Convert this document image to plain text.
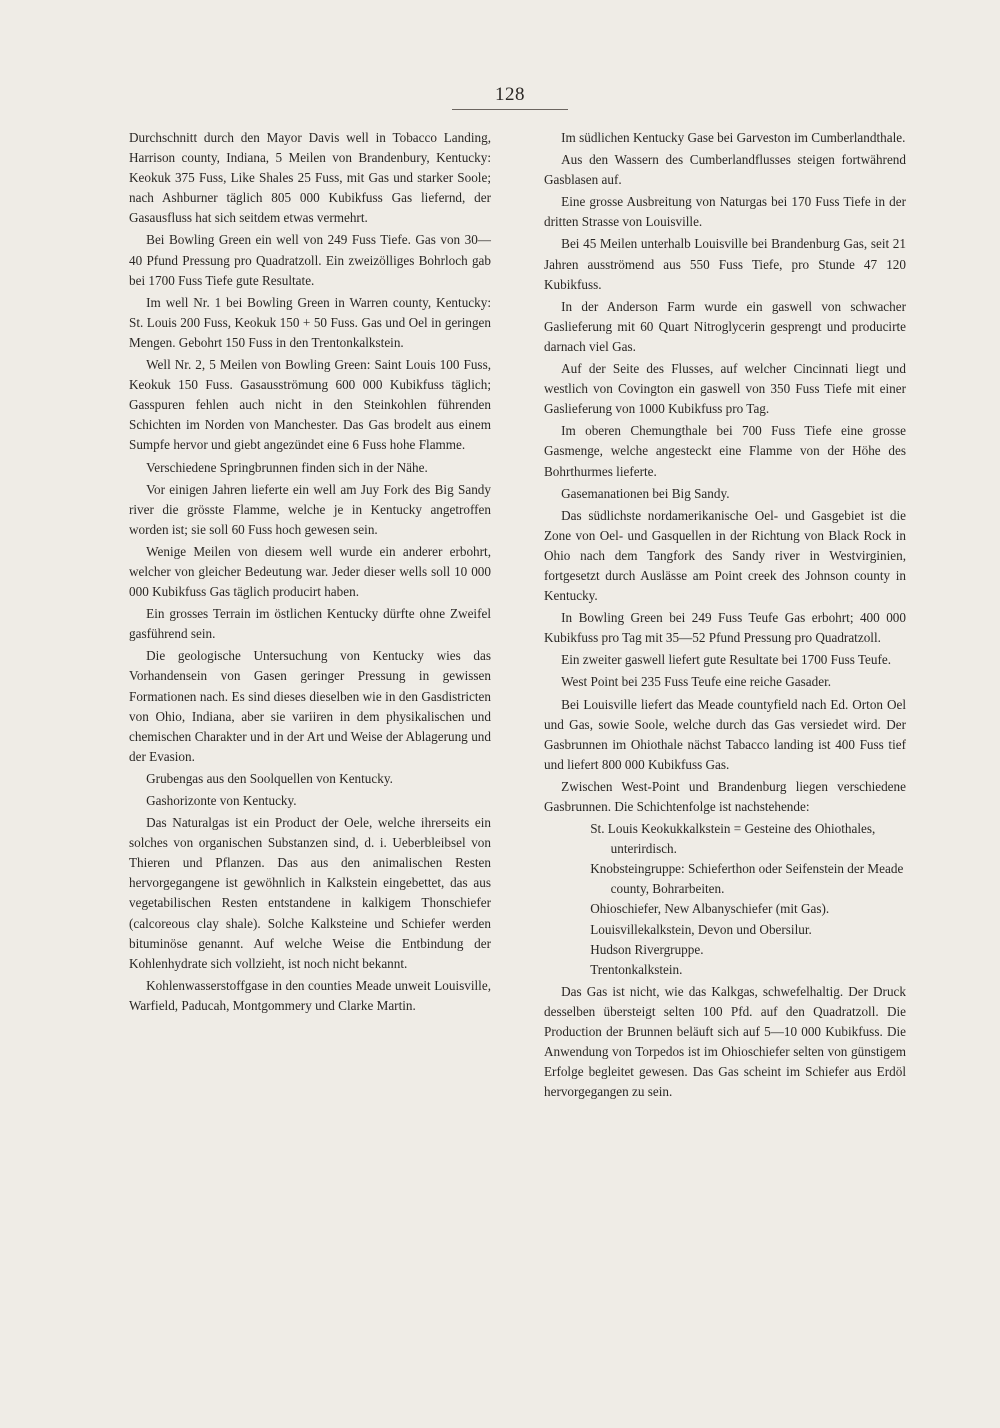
128

Durchschnitt durch den Mayor Davis well in Tobacco Landing, Harrison county, Indiana, 5 Meilen von Brandenbury, Kentucky: Keokuk 375 Fuss, Like Shales 25 Fuss, mit Gas und starker Soole; nach Ashburner täglich 805 000 Kubikfuss Gas liefernd, der Gasausfluss hat sich seitdem etwas vermehrt.

Bei Bowling Green ein well von 249 Fuss Tiefe. Gas von 30—40 Pfund Pressung pro Quadratzoll. Ein zweizölliges Bohrloch gab bei 1700 Fuss Tiefe gute Resultate.

Im well Nr. 1 bei Bowling Green in Warren county, Kentucky: St. Louis 200 Fuss, Keokuk 150 + 50 Fuss. Gas und Oel in geringen Mengen. Gebohrt 150 Fuss in den Trentonkalkstein.

Well Nr. 2, 5 Meilen von Bowling Green: Saint Louis 100 Fuss, Keokuk 150 Fuss. Gasausströmung 600 000 Kubikfuss täglich; Gasspuren fehlen auch nicht in den Steinkohlen führenden Schichten im Norden von Manchester. Das Gas brodelt aus einem Sumpfe hervor und giebt angezündet eine 6 Fuss hohe Flamme.

Verschiedene Springbrunnen finden sich in der Nähe.

Vor einigen Jahren lieferte ein well am Juy Fork des Big Sandy river die grösste Flamme, welche je in Kentucky angetroffen worden ist; sie soll 60 Fuss hoch gewesen sein.

Wenige Meilen von diesem well wurde ein anderer erbohrt, welcher von gleicher Bedeutung war. Jeder dieser wells soll 10 000 000 Kubikfuss Gas täglich producirt haben.

Ein grosses Terrain im östlichen Kentucky dürfte ohne Zweifel gasführend sein.

Die geologische Untersuchung von Kentucky wies das Vorhandensein von Gasen geringer Pressung in gewissen Formationen nach. Es sind dieses dieselben wie in den Gasdistricten von Ohio, Indiana, aber sie variiren in dem physikalischen und chemischen Charakter und in der Art und Weise der Ablagerung und der Evasion.

Grubengas aus den Soolquellen von Kentucky.

Gashorizonte von Kentucky.

Das Naturalgas ist ein Product der Oele, welche ihrerseits ein solches von organischen Substanzen sind, d. i. Ueberbleibsel von Thieren und Pflanzen. Das aus den animalischen Resten hervorgegangene ist gewöhnlich in Kalkstein eingebettet, das aus vegetabilischen Resten entstandene in kalkigem Thonschiefer (calcoreous clay shale). Solche Kalksteine und Schiefer werden bituminöse genannt. Auf welche Weise die Entbindung der Kohlenhydrate sich vollzieht, ist noch nicht bekannt.

Kohlenwasserstoffgase in den counties Meade unweit Louisville, Warfield, Paducah, Montgommery und Clarke Martin.

Im südlichen Kentucky Gase bei Garveston im Cumberlandthale.

Aus den Wassern des Cumberlandflusses steigen fortwährend Gasblasen auf.

Eine grosse Ausbreitung von Naturgas bei 170 Fuss Tiefe in der dritten Strasse von Louisville.

Bei 45 Meilen unterhalb Louisville bei Brandenburg Gas, seit 21 Jahren ausströmend aus 550 Fuss Tiefe, pro Stunde 47 120 Kubikfuss.

In der Anderson Farm wurde ein gaswell von schwacher Gaslieferung mit 60 Quart Nitroglycerin gesprengt und producirte darnach viel Gas.

Auf der Seite des Flusses, auf welcher Cincinnati liegt und westlich von Covington ein gaswell von 350 Fuss Tiefe mit einer Gaslieferung von 1000 Kubikfuss pro Tag.

Im oberen Chemungthale bei 700 Fuss Tiefe eine grosse Gasmenge, welche angesteckt eine Flamme von der Höhe des Bohrthurmes lieferte.

Gasemanationen bei Big Sandy.

Das südlichste nordamerikanische Oel- und Gasgebiet ist die Zone von Oel- und Gasquellen in der Richtung von Black Rock in Ohio nach dem Tangfork des Sandy river in Westvirginien, fortgesetzt durch Auslässe am Point creek des Johnson county in Kentucky.

In Bowling Green bei 249 Fuss Teufe Gas erbohrt; 400 000 Kubikfuss pro Tag mit 35—52 Pfund Pressung pro Quadratzoll.

Ein zweiter gaswell liefert gute Resultate bei 1700 Fuss Teufe.

West Point bei 235 Fuss Teufe eine reiche Gasader.

Bei Louisville liefert das Meade countyfield nach Ed. Orton Oel und Gas, sowie Soole, welche durch das Gas versiedet wird. Der Gasbrunnen im Ohiothale nächst Tabacco landing ist 400 Fuss tief und liefert 800 000 Kubikfuss Gas.

Zwischen West-Point und Brandenburg liegen verschiedene Gasbrunnen. Die Schichtenfolge ist nachstehende:

St. Louis Keokukkalkstein = Gesteine des Ohiothales, unterirdisch.

Knobsteingruppe: Schieferthon oder Seifenstein der Meade county, Bohrarbeiten.

Ohioschiefer, New Albanyschiefer (mit Gas).

Louisvillekalkstein, Devon und Obersilur.

Hudson Rivergruppe.

Trentonkalkstein.

Das Gas ist nicht, wie das Kalkgas, schwefelhaltig. Der Druck desselben übersteigt selten 100 Pfd. auf den Quadratzoll. Die Production der Brunnen beläuft sich auf 5—10 000 Kubikfuss. Die Anwendung von Torpedos ist im Ohioschiefer selten von günstigem Erfolge begleitet gewesen. Das Gas scheint im Schiefer aus Erdöl hervorgegangen zu sein.
